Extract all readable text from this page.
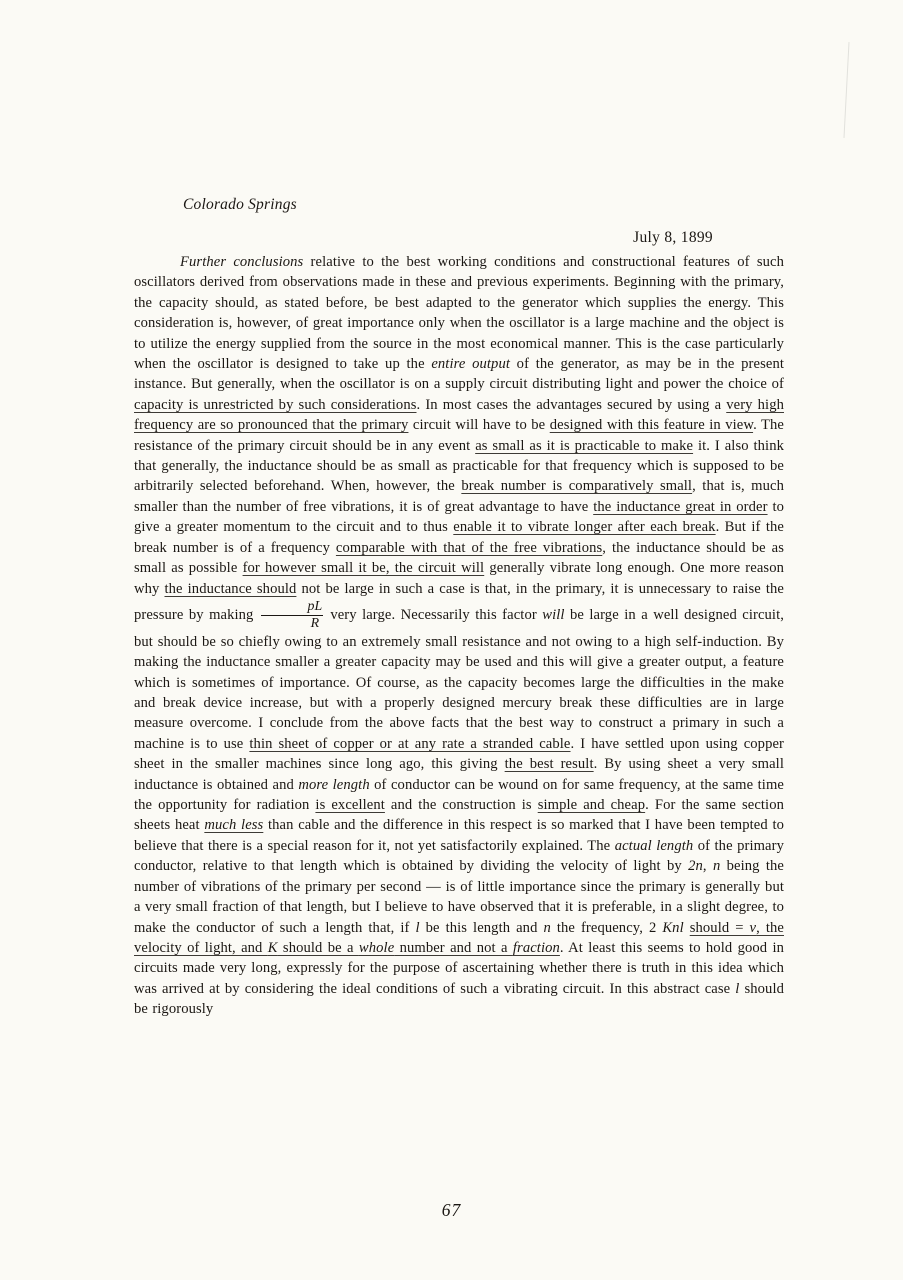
Colorado Springs
July 8, 1899

Further conclusions relative to the best working conditions and constructional features of such oscillators derived from observations made in these and previous experiments. Beginning with the primary, the capacity should, as stated before, be best adapted to the generator which supplies the energy. This consideration is, however, of great importance only when the oscillator is a large machine and the object is to utilize the energy supplied from the source in the most economical manner. This is the case particularly when the oscillator is designed to take up the entire output of the generator, as may be in the present instance. But generally, when the oscillator is on a supply circuit distributing light and power the choice of capacity is unrestricted by such considerations. In most cases the advantages secured by using a very high frequency are so pronounced that the primary circuit will have to be designed with this feature in view. The resistance of the primary circuit should be in any event as small as it is practicable to make it. I also think that generally, the inductance should be as small as practicable for that frequency which is supposed to be arbitrarily selected beforehand. When, however, the break number is comparatively small, that is, much smaller than the number of free vibrations, it is of great advantage to have the inductance great in order to give a greater momentum to the circuit and to thus enable it to vibrate longer after each break. But if the break number is of a frequency comparable with that of the free vibrations, the inductance should be as small as possible for however small it be, the circuit will generally vibrate long enough. One more reason why the inductance should not be large in such a case is that, in the primary, it is unnecessary to raise the pressure by making $\frac{pL}{R}$ very large. Necessarily this factor will be large in a well designed circuit, but should be so chiefly owing to an extremely small resistance and not owing to a high self-induction. By making the inductance smaller a greater capacity may be used and this will give a greater output, a feature which is sometimes of importance. Of course, as the capacity becomes large the difficulties in the make and break device increase, but with a properly designed mercury break these difficulties are in large measure overcome. I conclude from the above facts that the best way to construct a primary in such a machine is to use thin sheet of copper or at any rate a stranded cable. I have settled upon using copper sheet in the smaller machines since long ago, this giving the best result. By using sheet a very small inductance is obtained and more length of conductor can be wound on for same frequency, at the same time the opportunity for radiation is excellent and the construction is simple and cheap. For the same section sheets heat much less than cable and the difference in this respect is so marked that I have been tempted to believe that there is a special reason for it, not yet satisfactorily explained. The actual length of the primary conductor, relative to that length which is obtained by dividing the velocity of light by 2n, n being the number of vibrations of the primary per second — is of little importance since the primary is generally but a very small fraction of that length, but I believe to have observed that it is preferable, in a slight degree, to make the conductor of such a length that, if l be this length and n the frequency, 2 Knl should = v, the velocity of light, and K should be a whole number and not a fraction. At least this seems to hold good in circuits made very long, expressly for the purpose of ascertaining whether there is truth in this idea which was arrived at by considering the ideal conditions of such a vibrating circuit. In this abstract case l should be rigorously

67
